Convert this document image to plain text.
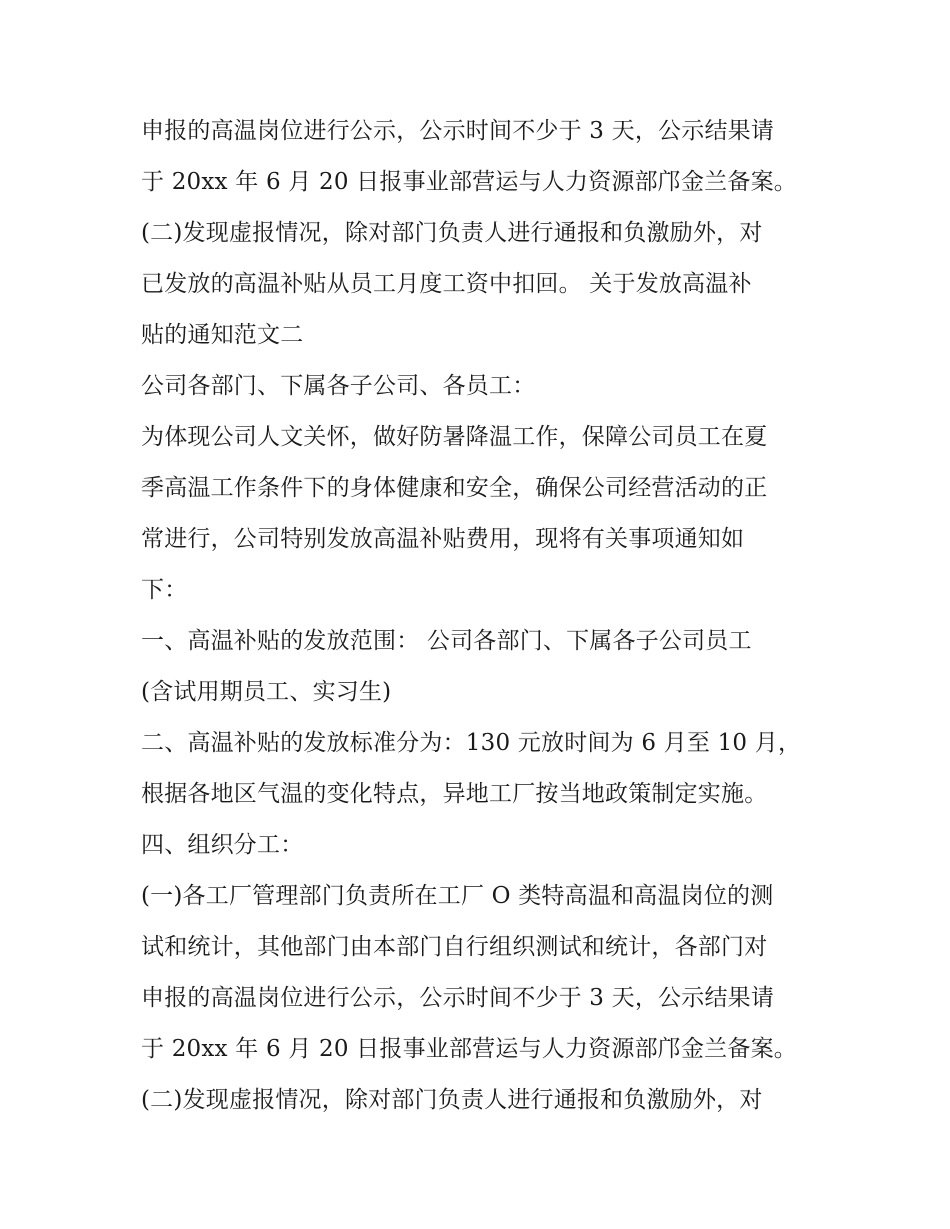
申报的高温岗位进行公示，公示时间不少于 3 天，公示结果请
于 20xx 年 6 月 20 日报事业部营运与人力资源部邝金兰备案。
(二)发现虚报情况，除对部门负责人进行通报和负激励外，对
已发放的高温补贴从员工月度工资中扣回。 关于发放高温补
贴的通知范文二
公司各部门、下属各子公司、各员工：
为体现公司人文关怀，做好防暑降温工作，保障公司员工在夏
季高温工作条件下的身体健康和安全，确保公司经营活动的正
常进行，公司特别发放高温补贴费用，现将有关事项通知如
下：
一、高温补贴的发放范围： 公司各部门、下属各子公司员工
(含试用期员工、实习生)
二、高温补贴的发放标准分为：130 元放时间为 6 月至 10 月，
根据各地区气温的变化特点，异地工厂按当地政策制定实施。
四、组织分工：
(一)各工厂管理部门负责所在工厂 O 类特高温和高温岗位的测
试和统计，其他部门由本部门自行组织测试和统计，各部门对
申报的高温岗位进行公示，公示时间不少于 3 天，公示结果请
于 20xx 年 6 月 20 日报事业部营运与人力资源部邝金兰备案。
(二)发现虚报情况，除对部门负责人进行通报和负激励外，对
